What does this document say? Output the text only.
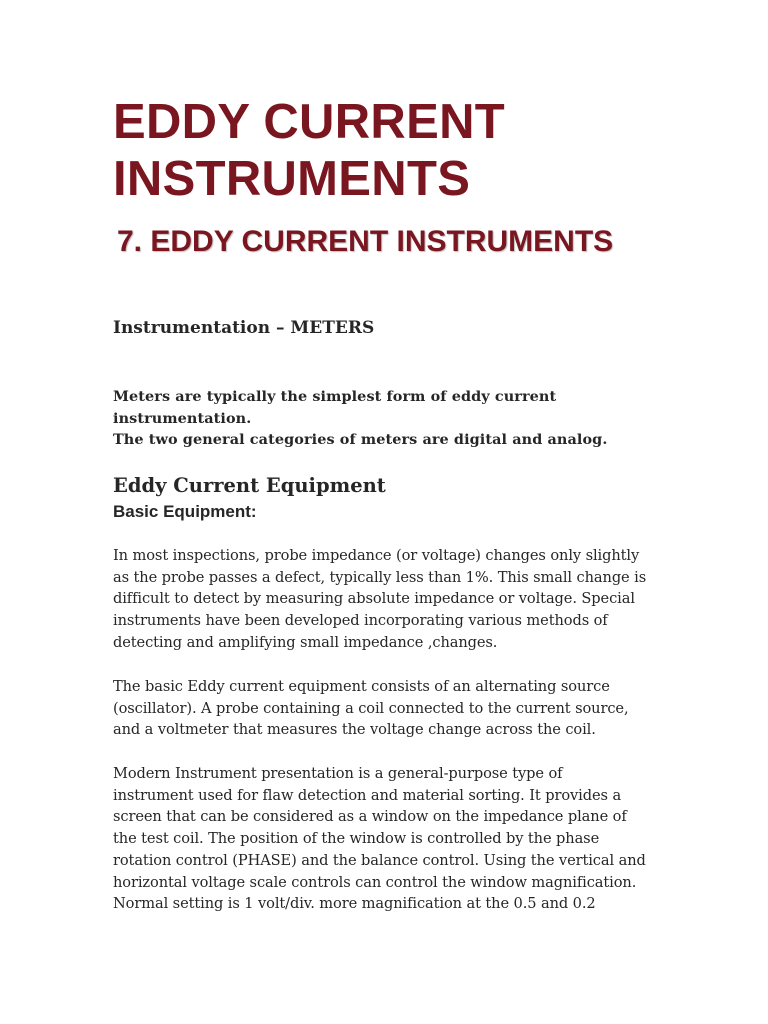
EDDY CURRENT
INSTRUMENTS
7. EDDY CURRENT INSTRUMENTS
Instrumentation – METERS
Meters are typically the simplest form of eddy current
instrumentation.
The two general categories of meters are digital and analog.
Eddy Current Equipment
Basic Equipment:
In most inspections, probe impedance (or voltage) changes only slightly
as the probe passes a defect, typically less than 1%. This small change is
difficult to detect by measuring absolute impedance or voltage. Special
instruments have been developed incorporating various methods of
detecting and amplifying small impedance ,changes.
The basic Eddy current equipment consists of an alternating source
(oscillator). A probe containing a coil connected to the current source,
and a voltmeter that measures the voltage change across the coil.
Modern Instrument presentation is a general-purpose type of
instrument used for flaw detection and material sorting. It provides a
screen that can be considered as a window on the impedance plane of
the test coil. The position of the window is controlled by the phase
rotation control (PHASE) and the balance control. Using the vertical and
horizontal voltage scale controls can control the window magnification.
Normal setting is 1 volt/div. more magnification at the 0.5 and 0.2
